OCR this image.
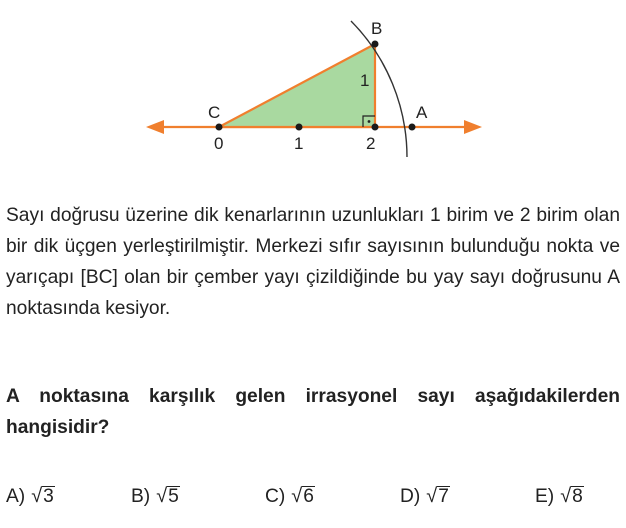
B
C	A
1
0	1	2

Sayı doğrusu üzerine dik kenarlarının uzunlukları 1 birim ve 2 birim olan bir dik üçgen yerleştirilmiştir. Merkezi sıfır sayısının bulunduğu nokta ve yarıçapı [BC] olan bir çember yayı çizildiğinde bu yay sayı doğrusunu A noktasında kesiyor.

A noktasına karşılık gelen irrasyonel sayı aşağıdakilerden hangisidir?
A) √ 3	B) √ 5	C) √ 6	D) √ 7	E) √ 8
